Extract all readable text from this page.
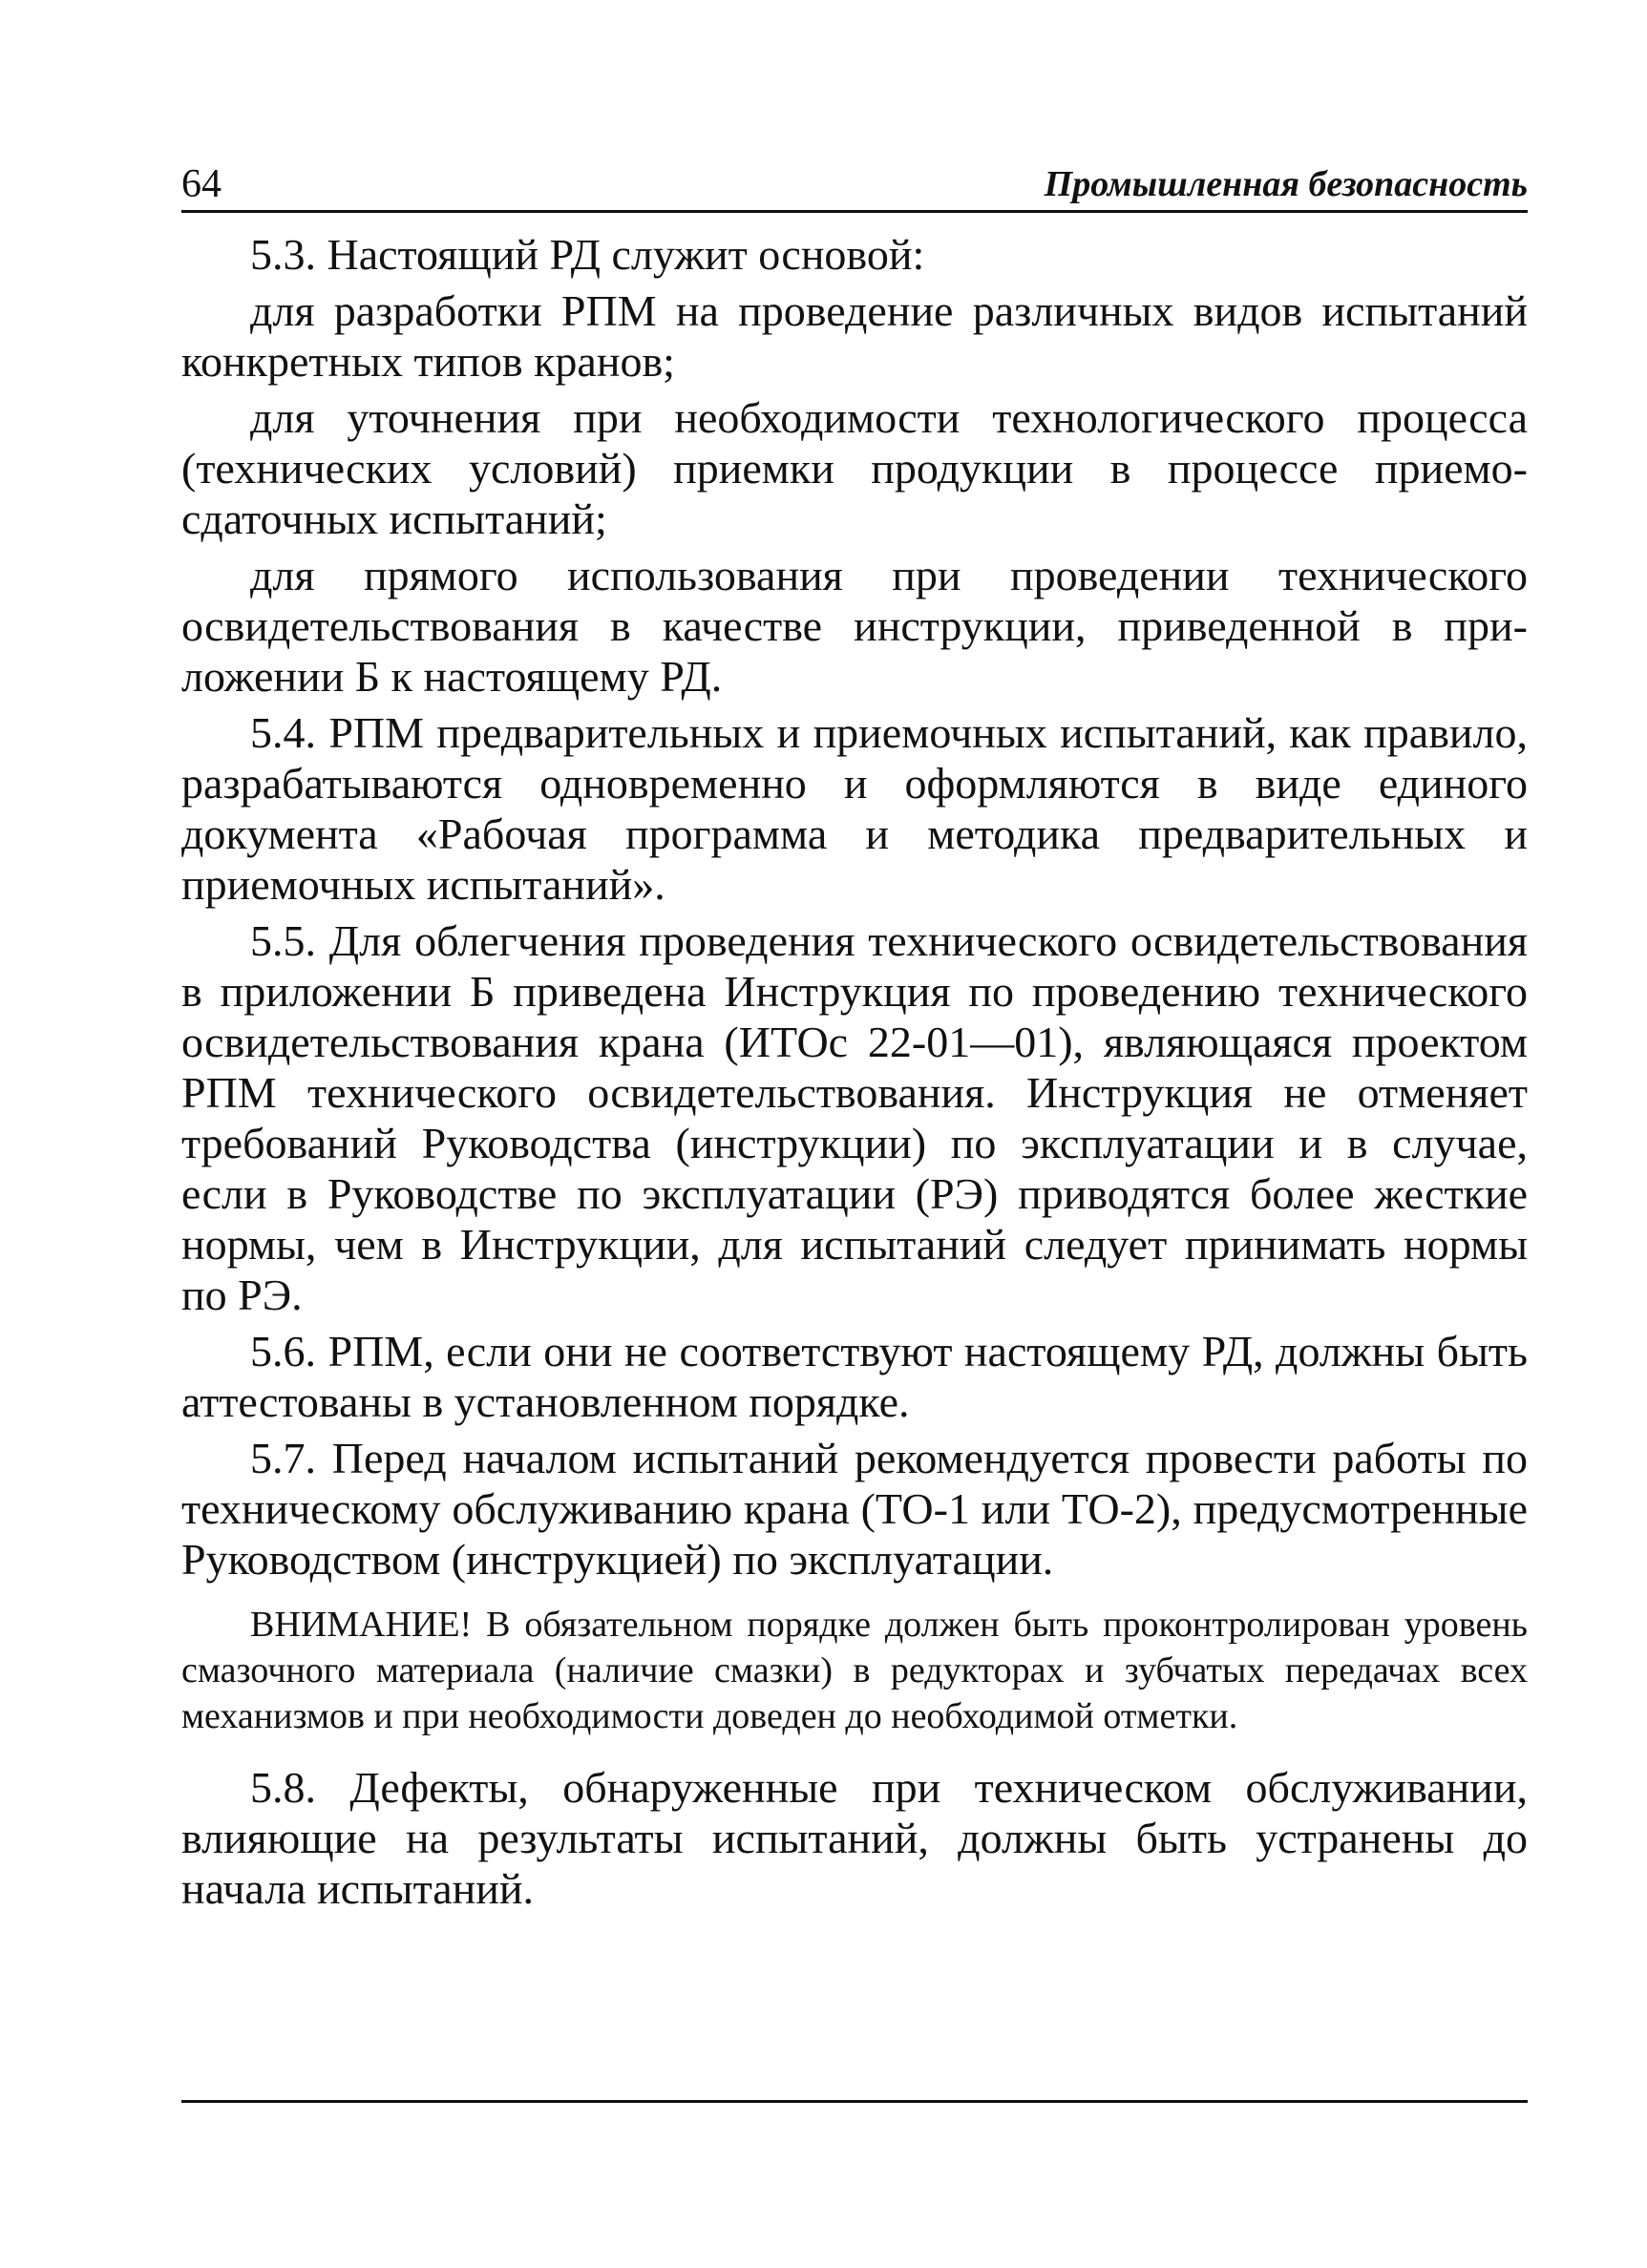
64	Промышленная безопасность

5.3. Настоящий РД служит основой:

для разработки РПМ на проведение различных видов испытаний конкретных типов кранов;

для уточнения при необходимости технологического процесса (технических условий) приемки продукции в процессе приемосдаточных испытаний;

для прямого использования при проведении технического освидетельствования в качестве инструкции, приведенной в приложении Б к настоящему РД.

5.4. РПМ предварительных и приемочных испытаний, как правило, разрабатываются одновременно и оформляются в виде единого документа «Рабочая программа и методика предварительных и приемочных испытаний».

5.5. Для облегчения проведения технического освидетельствования в приложении Б приведена Инструкция по проведению технического освидетельствования крана (ИТОс 22-01—01), являющаяся проектом РПМ технического освидетельствования. Инструкция не отменяет требований Руководства (инструкции) по эксплуатации и в случае, если в Руководстве по эксплуатации (РЭ) приводятся более жесткие нормы, чем в Инструкции, для испытаний следует принимать нормы по РЭ.

5.6. РПМ, если они не соответствуют настоящему РД, должны быть аттестованы в установленном порядке.

5.7. Перед началом испытаний рекомендуется провести работы по техническому обслуживанию крана (ТО-1 или ТО-2), предусмотренные Руководством (инструкцией) по эксплуатации.

ВНИМАНИЕ! В обязательном порядке должен быть проконтролирован уровень смазочного материала (наличие смазки) в редукторах и зубчатых передачах всех механизмов и при необходимости доведен до необходимой отметки.

5.8. Дефекты, обнаруженные при техническом обслуживании, влияющие на результаты испытаний, должны быть устранены до начала испытаний.
